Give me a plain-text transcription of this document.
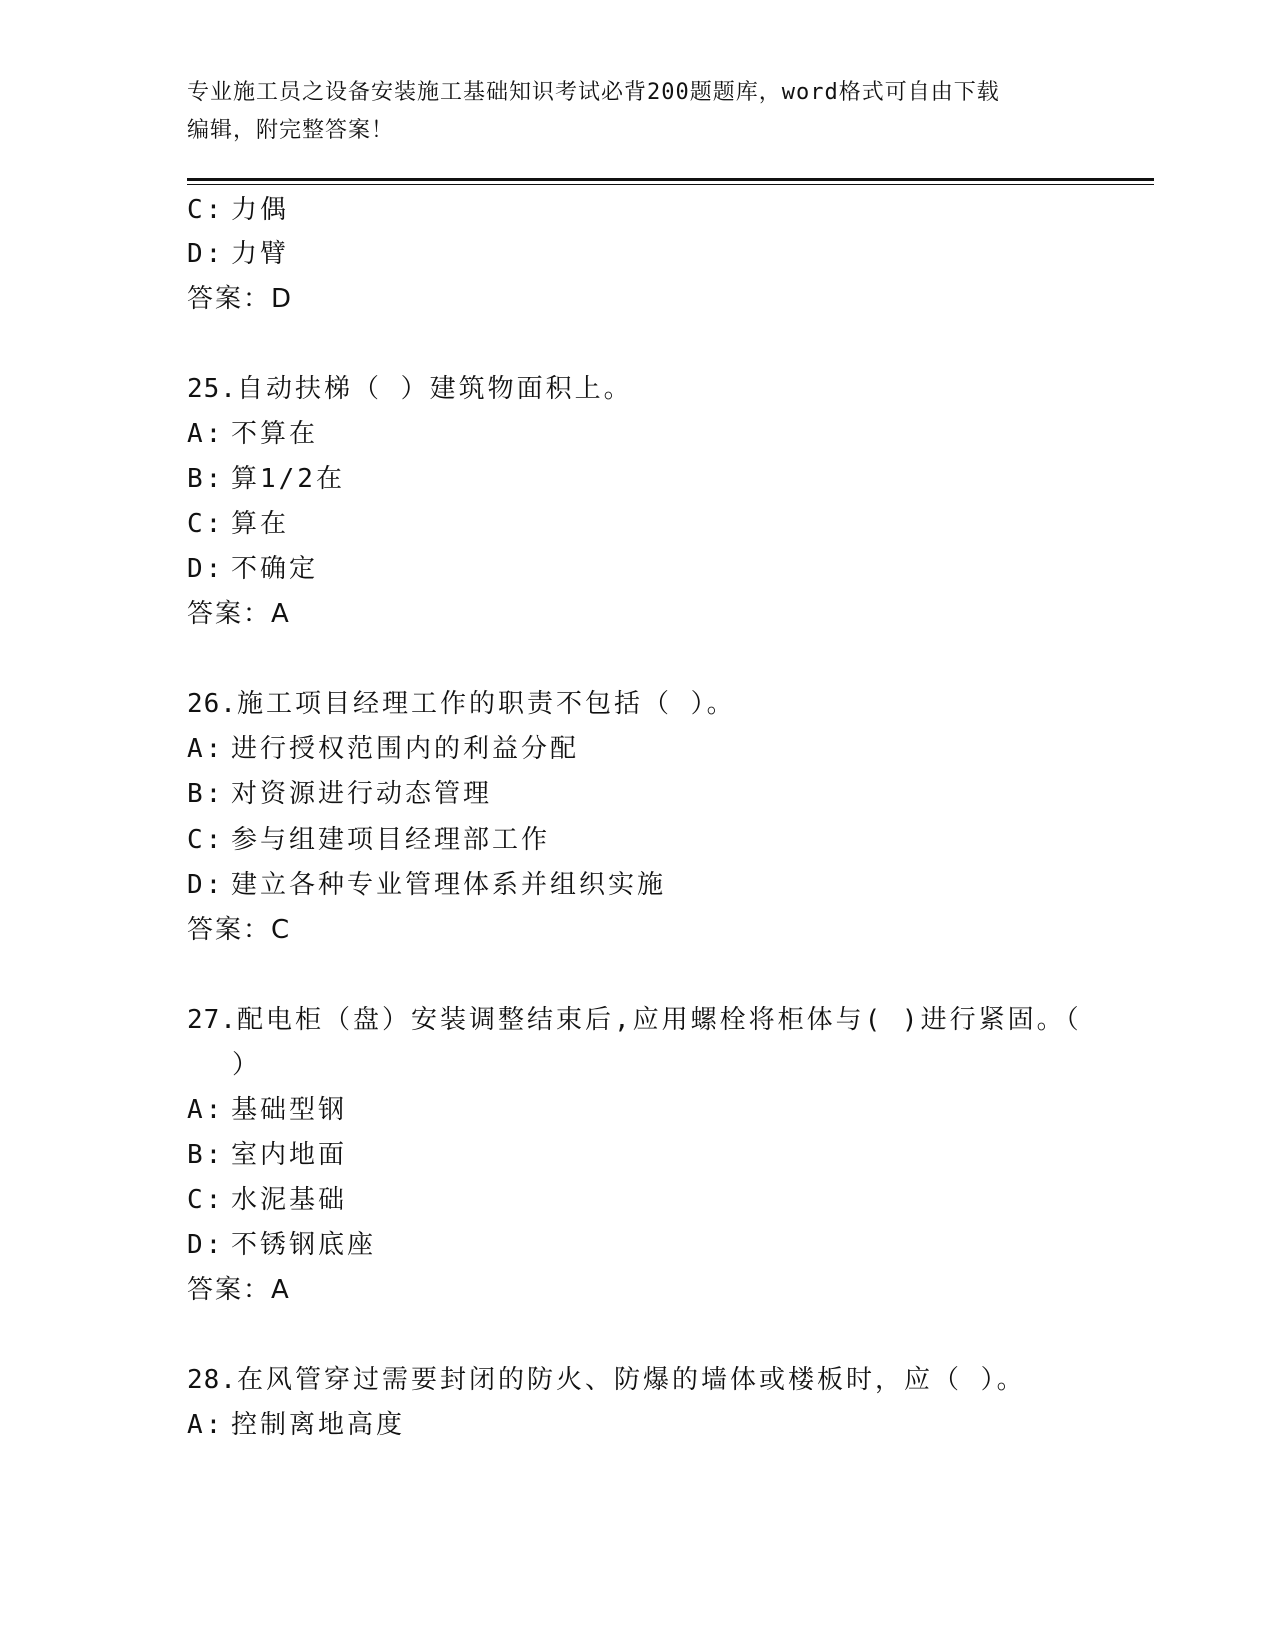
专业施工员之设备安装施工基础知识考试必背200题题库，word格式可自由下载
编辑，附完整答案！
C: 力偶
D: 力臂
答案：D
25.自动扶梯（ ）建筑物面积上。
A: 不算在
B: 算1/2在
C: 算在
D: 不确定
答案：A
26.施工项目经理工作的职责不包括（ ）。
A: 进行授权范围内的利益分配
B: 对资源进行动态管理
C: 参与组建项目经理部工作
D: 建立各种专业管理体系并组织实施
答案：C
27.配电柜（盘）安装调整结束后,应用螺栓将柜体与( )进行紧固。（
）
A: 基础型钢
B: 室内地面
C: 水泥基础
D: 不锈钢底座
答案：A
28.在风管穿过需要封闭的防火、防爆的墙体或楼板时，应（ ）。
A: 控制离地高度
